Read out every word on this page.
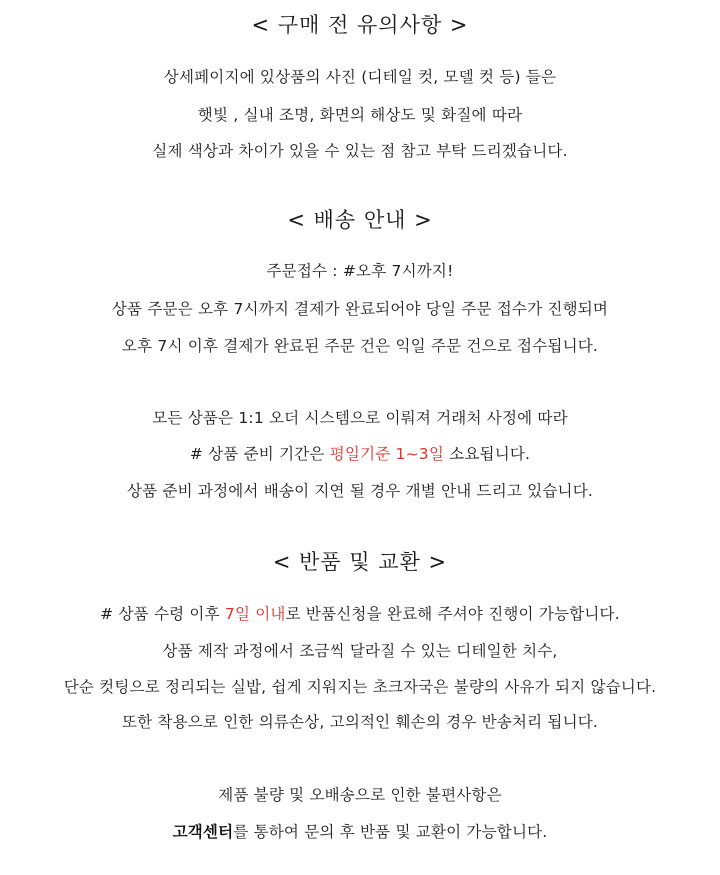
< 구매 전 유의사항 >
상세페이지에 있상품의 사진 (디테일 컷, 모델 컷 등) 들은
햇빛 , 실내 조명, 화면의 해상도 및 화질에 따라
실제 색상과 차이가 있을 수 있는 점 참고 부탁 드리겠습니다.
< 배송 안내 >
주문접수 : #오후 7시까지!
상품 주문은 오후 7시까지 결제가 완료되어야 당일 주문 접수가 진행되며
오후 7시 이후 결제가 완료된 주문 건은 익일 주문 건으로 접수됩니다.
모든 상품은 1:1 오더 시스템으로 이뤄져 거래처 사정에 따라
# 상품 준비 기간은 평일기준 1~3일 소요됩니다.
상품 준비 과정에서 배송이 지연 될 경우 개별 안내 드리고 있습니다.
< 반품 및 교환 >
# 상품 수령 이후 7일 이내로 반품신청을 완료해 주셔야 진행이 가능합니다.
상품 제작 과정에서 조금씩 달라질 수 있는 디테일한 치수,
단순 컷팅으로 정리되는 실밥, 쉽게 지워지는 초크자국은 불량의 사유가 되지 않습니다.
또한 착용으로 인한 의류손상, 고의적인 훼손의 경우 반송처리 됩니다.
제품 불량 및 오배송으로 인한 불편사항은
고객센터를 통하여 문의 후 반품 및 교환이 가능합니다.
